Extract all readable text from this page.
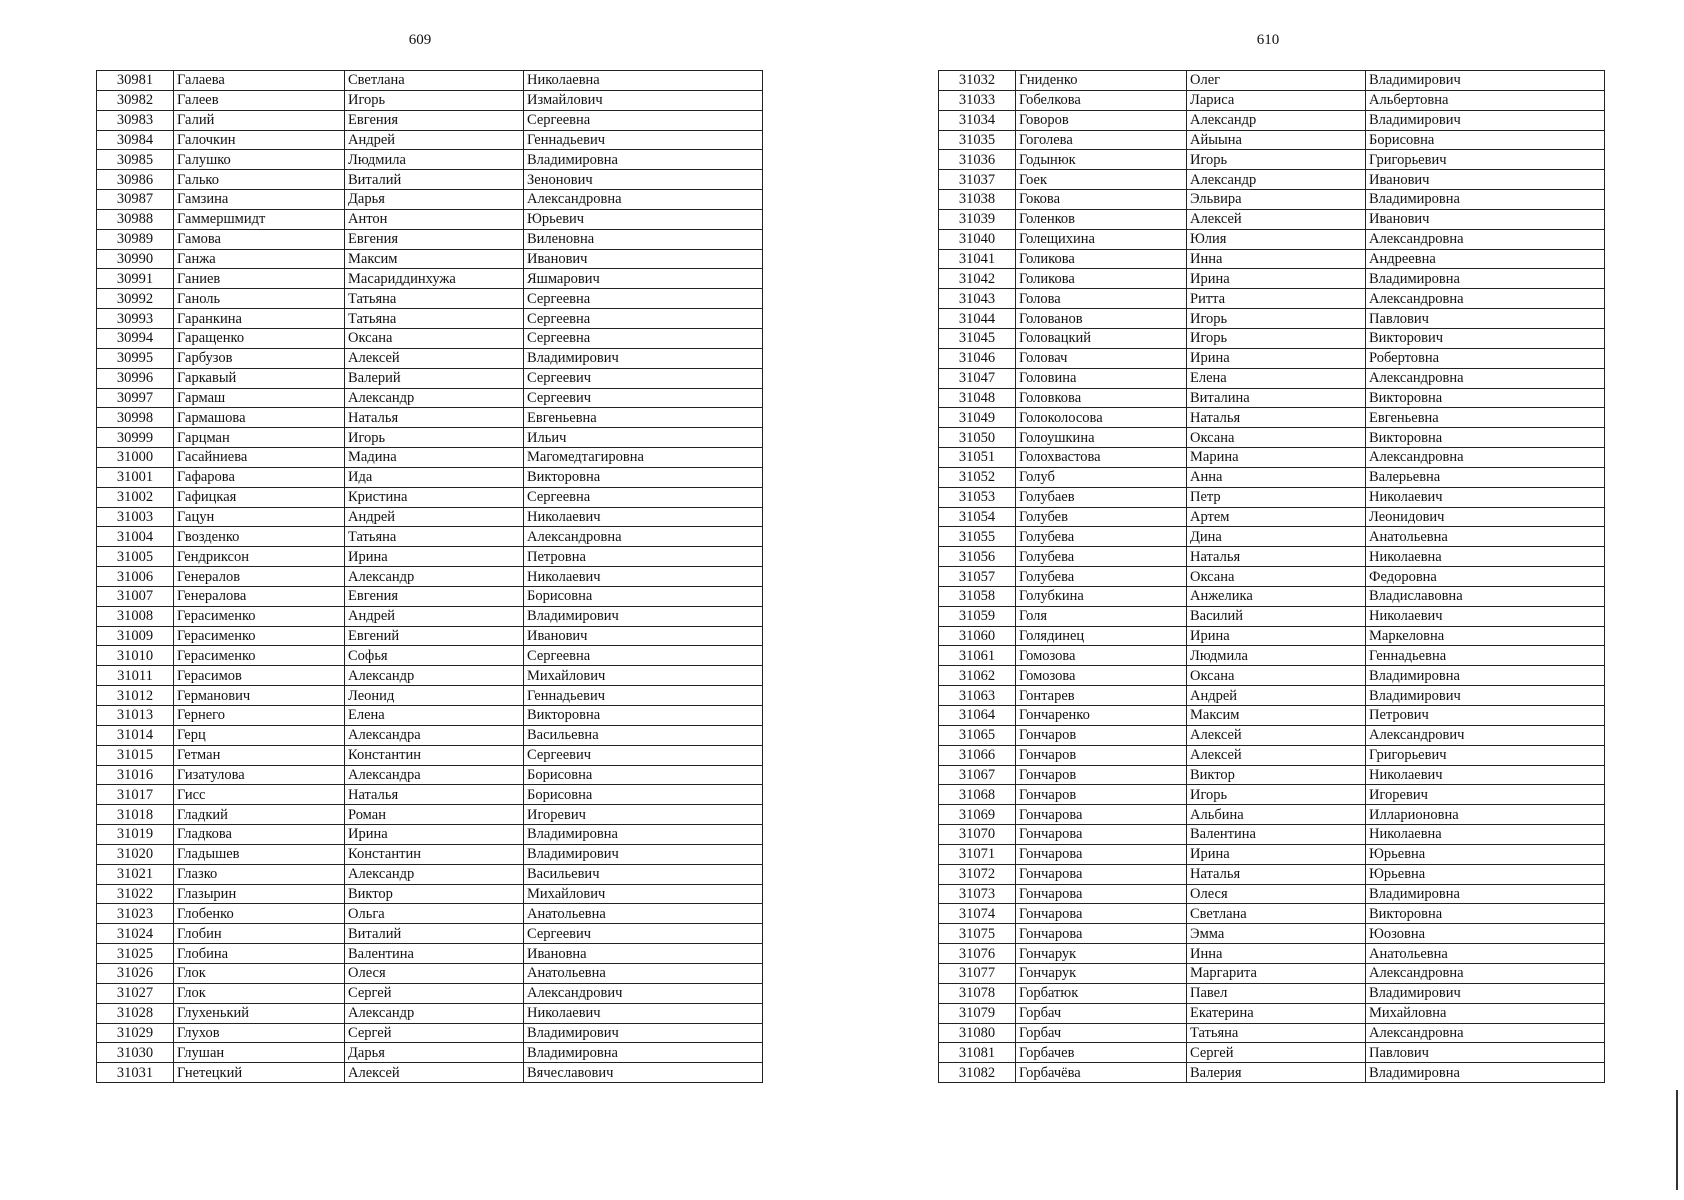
609
30981	Галаева	Светлана	Николаевна
30982	Галеев	Игорь	Измайлович
30983	Галий	Евгения	Сергеевна
30984	Галочкин	Андрей	Геннадьевич
30985	Галушко	Людмила	Владимировна
30986	Галько	Виталий	Зенонович
30987	Гамзина	Дарья	Александровна
30988	Гаммершмидт	Антон	Юрьевич
30989	Гамова	Евгения	Виленовна
30990	Ганжа	Максим	Иванович
30991	Ганиев	Масариддинхужа	Яшмарович
30992	Ганоль	Татьяна	Сергеевна
30993	Гаранкина	Татьяна	Сергеевна
30994	Гаращенко	Оксана	Сергеевна
30995	Гарбузов	Алексей	Владимирович
30996	Гаркавый	Валерий	Сергеевич
30997	Гармаш	Александр	Сергеевич
30998	Гармашова	Наталья	Евгеньевна
30999	Гарцман	Игорь	Ильич
31000	Гасайниева	Мадина	Магомедтагировна
31001	Гафарова	Ида	Викторовна
31002	Гафицкая	Кристина	Сергеевна
31003	Гацун	Андрей	Николаевич
31004	Гвозденко	Татьяна	Александровна
31005	Гендриксон	Ирина	Петровна
31006	Генералов	Александр	Николаевич
31007	Генералова	Евгения	Борисовна
31008	Герасименко	Андрей	Владимирович
31009	Герасименко	Евгений	Иванович
31010	Герасименко	Софья	Сергеевна
31011	Герасимов	Александр	Михайлович
31012	Германович	Леонид	Геннадьевич
31013	Гернего	Елена	Викторовна
31014	Герц	Александра	Васильевна
31015	Гетман	Константин	Сергеевич
31016	Гизатулова	Александра	Борисовна
31017	Гисс	Наталья	Борисовна
31018	Гладкий	Роман	Игоревич
31019	Гладкова	Ирина	Владимировна
31020	Гладышев	Константин	Владимирович
31021	Глазко	Александр	Васильевич
31022	Глазырин	Виктор	Михайлович
31023	Глобенко	Ольга	Анатольевна
31024	Глобин	Виталий	Сергеевич
31025	Глобина	Валентина	Ивановна
31026	Глок	Олеся	Анатольевна
31027	Глок	Сергей	Александрович
31028	Глухенький	Александр	Николаевич
31029	Глухов	Сергей	Владимирович
31030	Глушан	Дарья	Владимировна
31031	Гнетецкий	Алексей	Вячеславович
610
31032	Гниденко	Олег	Владимирович
31033	Гобелкова	Лариса	Альбертовна
31034	Говоров	Александр	Владимирович
31035	Гоголева	Айыына	Борисовна
31036	Годынюк	Игорь	Григорьевич
31037	Гоек	Александр	Иванович
31038	Гокова	Эльвира	Владимировна
31039	Голенков	Алексей	Иванович
31040	Голещихина	Юлия	Александровна
31041	Голикова	Инна	Андреевна
31042	Голикова	Ирина	Владимировна
31043	Голова	Ритта	Александровна
31044	Голованов	Игорь	Павлович
31045	Головацкий	Игорь	Викторович
31046	Головач	Ирина	Робертовна
31047	Головина	Елена	Александровна
31048	Головкова	Виталина	Викторовна
31049	Голоколосова	Наталья	Евгеньевна
31050	Голоушкина	Оксана	Викторовна
31051	Голохвастова	Марина	Александровна
31052	Голуб	Анна	Валерьевна
31053	Голубаев	Петр	Николаевич
31054	Голубев	Артем	Леонидович
31055	Голубева	Дина	Анатольевна
31056	Голубева	Наталья	Николаевна
31057	Голубева	Оксана	Федоровна
31058	Голубкина	Анжелика	Владиславовна
31059	Голя	Василий	Николаевич
31060	Голядинец	Ирина	Маркеловна
31061	Гомозова	Людмила	Геннадьевна
31062	Гомозова	Оксана	Владимировна
31063	Гонтарев	Андрей	Владимирович
31064	Гончаренко	Максим	Петрович
31065	Гончаров	Алексей	Александрович
31066	Гончаров	Алексей	Григорьевич
31067	Гончаров	Виктор	Николаевич
31068	Гончаров	Игорь	Игоревич
31069	Гончарова	Альбина	Илларионовна
31070	Гончарова	Валентина	Николаевна
31071	Гончарова	Ирина	Юрьевна
31072	Гончарова	Наталья	Юрьевна
31073	Гончарова	Олеся	Владимировна
31074	Гончарова	Светлана	Викторовна
31075	Гончарова	Эмма	Юозовна
31076	Гончарук	Инна	Анатольевна
31077	Гончарук	Маргарита	Александровна
31078	Горбатюк	Павел	Владимирович
31079	Горбач	Екатерина	Михайловна
31080	Горбач	Татьяна	Александровна
31081	Горбачев	Сергей	Павлович
31082	Горбачёва	Валерия	Владимировна
